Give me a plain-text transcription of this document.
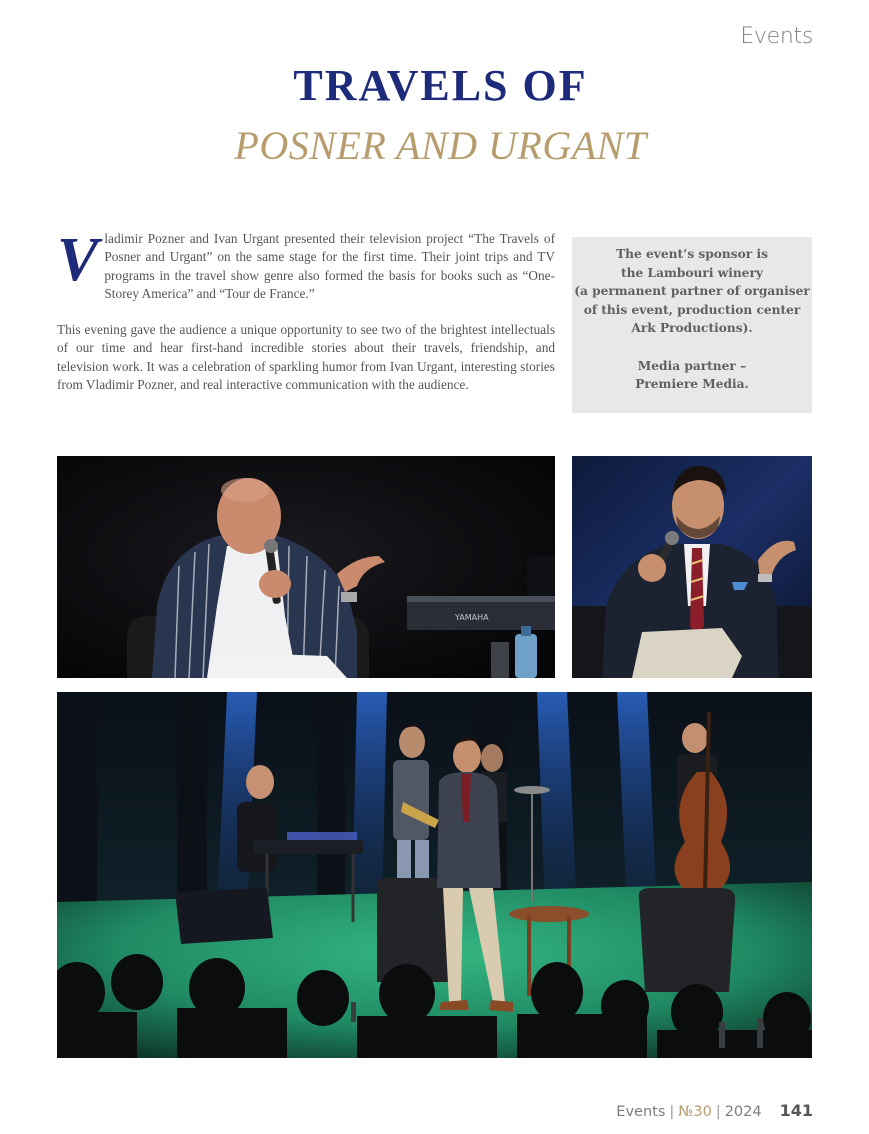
Events
TRAVELS OF
POSNER AND URGANT

Vladimir Pozner and Ivan Urgant presented their television project “The Travels of Posner and Urgant” on the same stage for the first time. Their joint trips and TV programs in the travel show genre also formed the basis for books such as “One-Storey America” and “Tour de France.”

This evening gave the audience a unique opportunity to see two of the brightest intellectuals of our time and hear first-hand incredible stories about their travels, friendship, and television work. It was a celebration of sparkling humor from Ivan Urgant, interesting stories from Vladimir Pozner, and real interactive communication with the audience.

The event’s sponsor is
the Lambouri winery
(a permanent partner of organiser
of this event, production center
Ark Productions).
Media partner –
Premiere Media.
YAMAHA
Events | №30 | 2024 141
